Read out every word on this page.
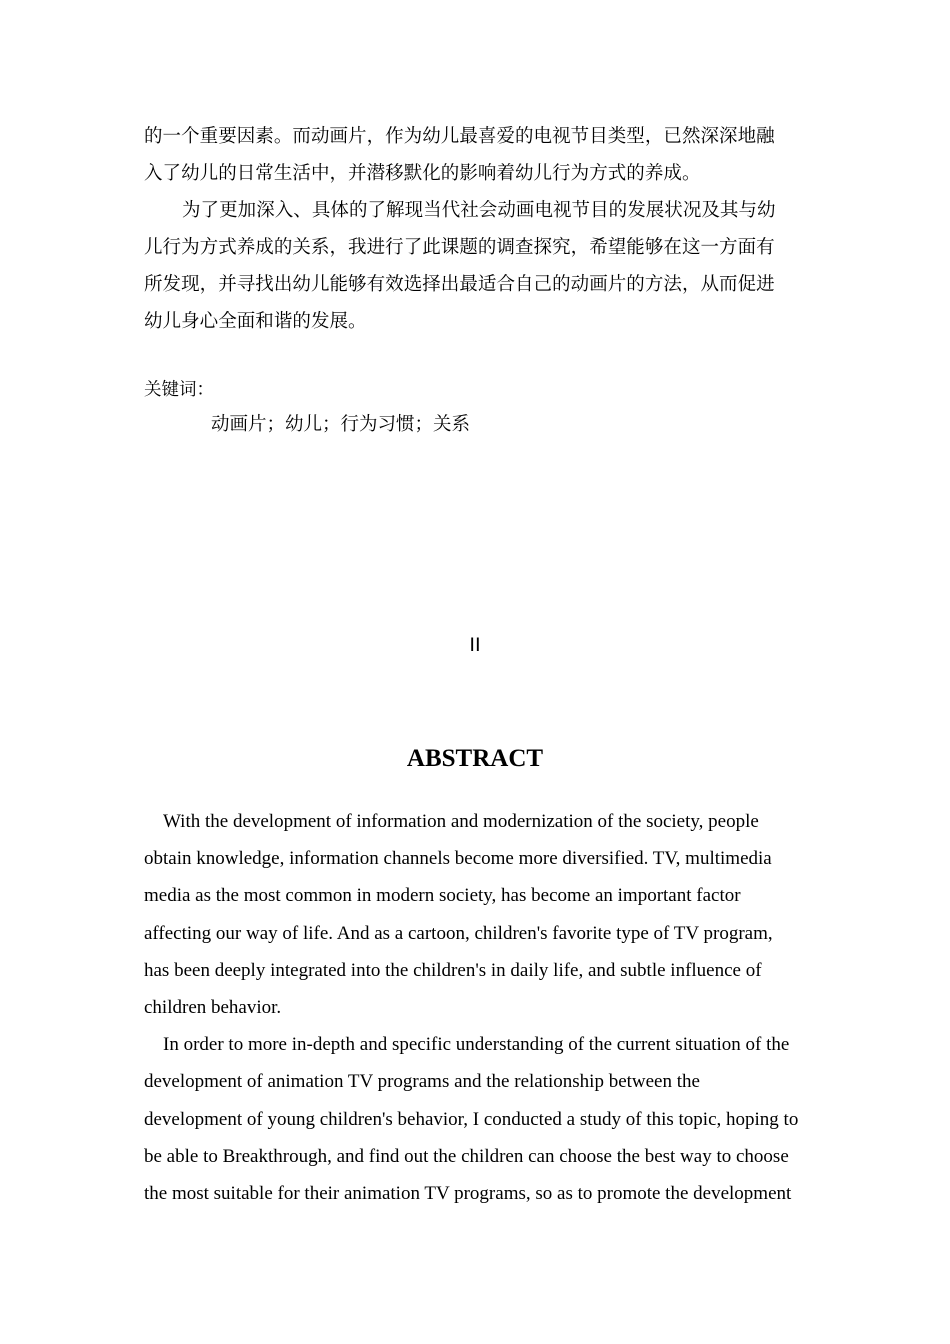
的一个重要因素。而动画片，作为幼儿最喜爱的电视节目类型，已然深深地融
入了幼儿的日常生活中，并潜移默化的影响着幼儿行为方式的养成。
为了更加深入、具体的了解现当代社会动画电视节目的发展状况及其与幼
儿行为方式养成的关系，我进行了此课题的调查探究，希望能够在这一方面有
所发现，并寻找出幼儿能够有效选择出最适合自己的动画片的方法，从而促进
幼儿身心全面和谐的发展。
关键词：
动画片；幼儿；行为习惯；关系
II
ABSTRACT
With the development of information and modernization of the society, people
obtain knowledge, information channels become more diversified. TV, multimedia
media as the most common in modern society, has become an important factor
affecting our way of life. And as a cartoon, children's favorite type of TV program,
has been deeply integrated into the children's in daily life, and subtle influence of
children behavior.
In order to more in-depth and specific understanding of the current situation of the
development of animation TV programs and the relationship between the
development of young children's behavior, I conducted a study of this topic, hoping to
be able to Breakthrough, and find out the children can choose the best way to choose
the most suitable for their animation TV programs, so as to promote the development
